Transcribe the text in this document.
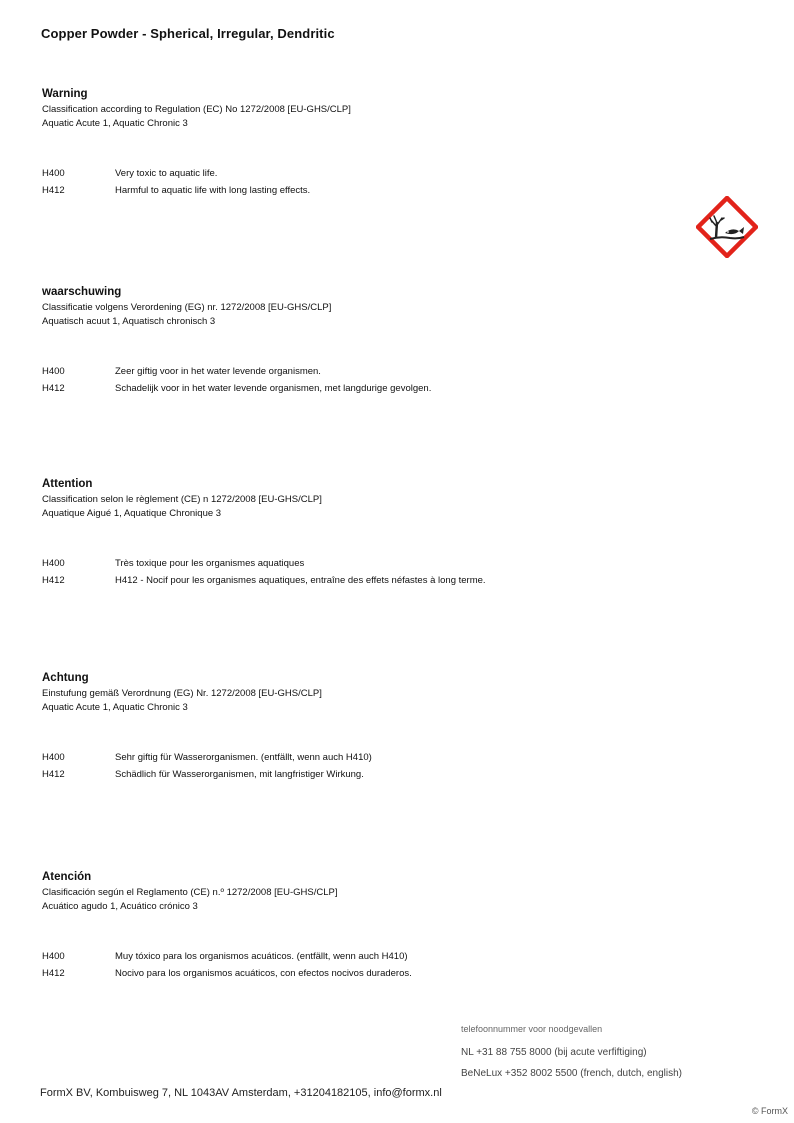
Copper Powder - Spherical, Irregular, Dendritic
Warning
Classification according to Regulation (EC) No 1272/2008 [EU-GHS/CLP]
Aquatic Acute 1, Aquatic Chronic 3
H400	Very toxic to aquatic life.
H412	Harmful to aquatic life with long lasting effects.
waarschuwing
Classificatie volgens Verordening (EG) nr. 1272/2008 [EU-GHS/CLP]
Aquatisch acuut 1, Aquatisch chronisch 3
H400	Zeer giftig voor in het water levende organismen.
H412	Schadelijk voor in het water levende organismen, met langdurige gevolgen.
Attention
Classification selon le règlement (CE) n 1272/2008 [EU-GHS/CLP]
Aquatique Aigué 1, Aquatique Chronique 3
H400	Très toxique pour les organismes aquatiques
H412	H412 - Nocif pour les organismes aquatiques, entraîne des effets néfastes à long terme.
Achtung
Einstufung gemäß Verordnung (EG) Nr. 1272/2008 [EU-GHS/CLP]
Aquatic Acute 1, Aquatic Chronic 3
H400	Sehr giftig für Wasserorganismen. (entfällt, wenn auch H410)
H412	Schädlich für Wasserorganismen, mit langfristiger Wirkung.
Atención
Clasificación según el Reglamento (CE) n.º 1272/2008 [EU-GHS/CLP]
Acuático agudo 1, Acuático crónico 3
H400	Muy tóxico para los organismos acuáticos. (entfällt, wenn auch H410)
H412	Nocivo para los organismos acuáticos, con efectos nocivos duraderos.
telefoonnummer voor noodgevallen
NL +31 88 755 8000 (bij acute verfiftiging)
BeNeLux +352 8002 5500 (french, dutch, english)
FormX BV, Kombuisweg 7, NL 1043AV Amsterdam, +31204182105, info@formx.nl
© FormX
